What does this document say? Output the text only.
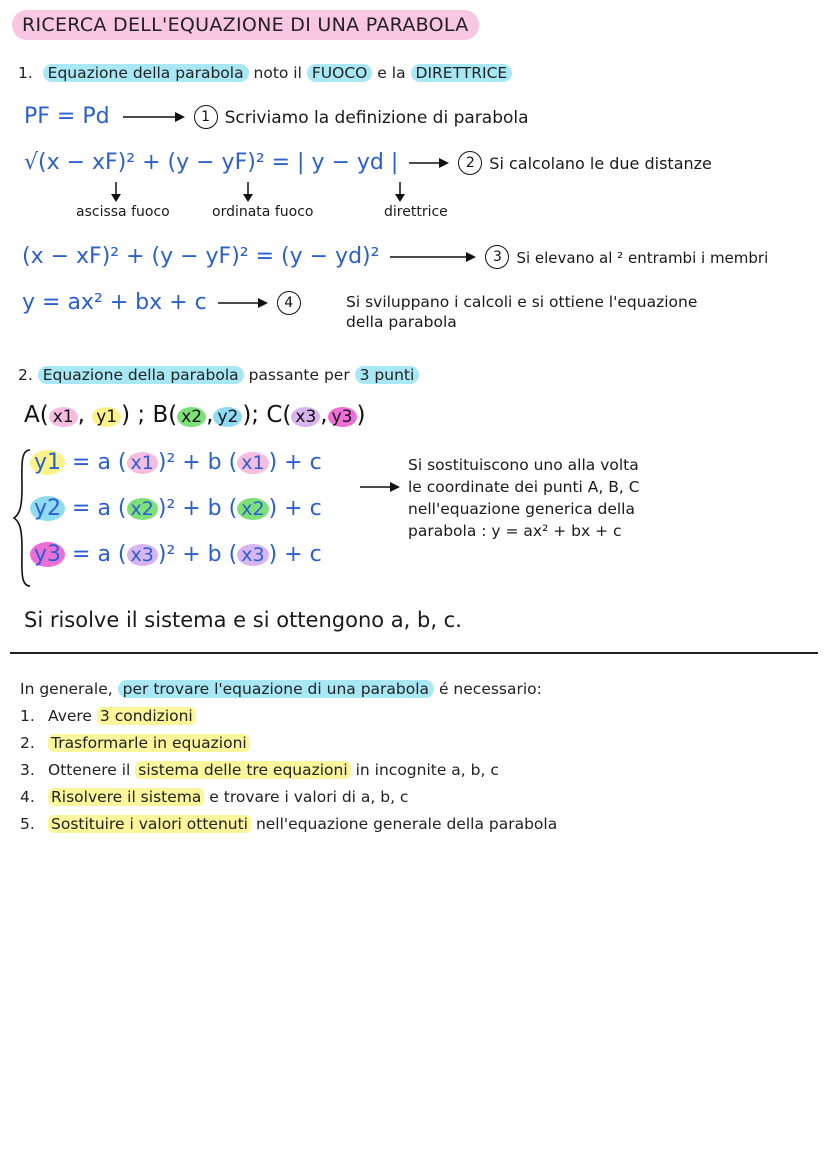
RICERCA DELL'EQUAZIONE DI UNA PARABOLA
1. Equazione della parabola noto il FUOCO e la DIRETTRICE
PF = Pd	1 Scriviamo la definizione di parabola
√(x − xF)² + (y − yF)² = | y − yd |	2 Si calcolano le due distanze
ascissa fuoco	ordinata fuoco	direttrice
(x − xF)² + (y − yF)² = (y − yd)²	3 Si elevano al ² entrambi i membri
y = ax² + bx + c	4	Si sviluppano i calcoli e si ottiene l'equazione
della parabola
2. Equazione della parabola passante per 3 punti
A( x1 , y1 ) ; B( x2 , y2 ); C( x3 , y3 )
y1 = a ( x1 )² + b ( x1 ) + c
y2 = a ( x2 )² + b ( x2 ) + c
y3 = a ( x3 )² + b ( x3 ) + c
Si sostituiscono uno alla volta
le coordinate dei punti A, B, C
nell'equazione generica della
parabola : y = ax² + bx + c
Si risolve il sistema e si ottengono a, b, c.
In generale, per trovare l'equazione di una parabola é necessario:
1. Avere 3 condizioni
2. Trasformarle in equazioni
3. Ottenere il sistema delle tre equazioni in incognite a, b, c
4. Risolvere il sistema e trovare i valori di a, b, c
5. Sostituire i valori ottenuti nell'equazione generale della parabola
